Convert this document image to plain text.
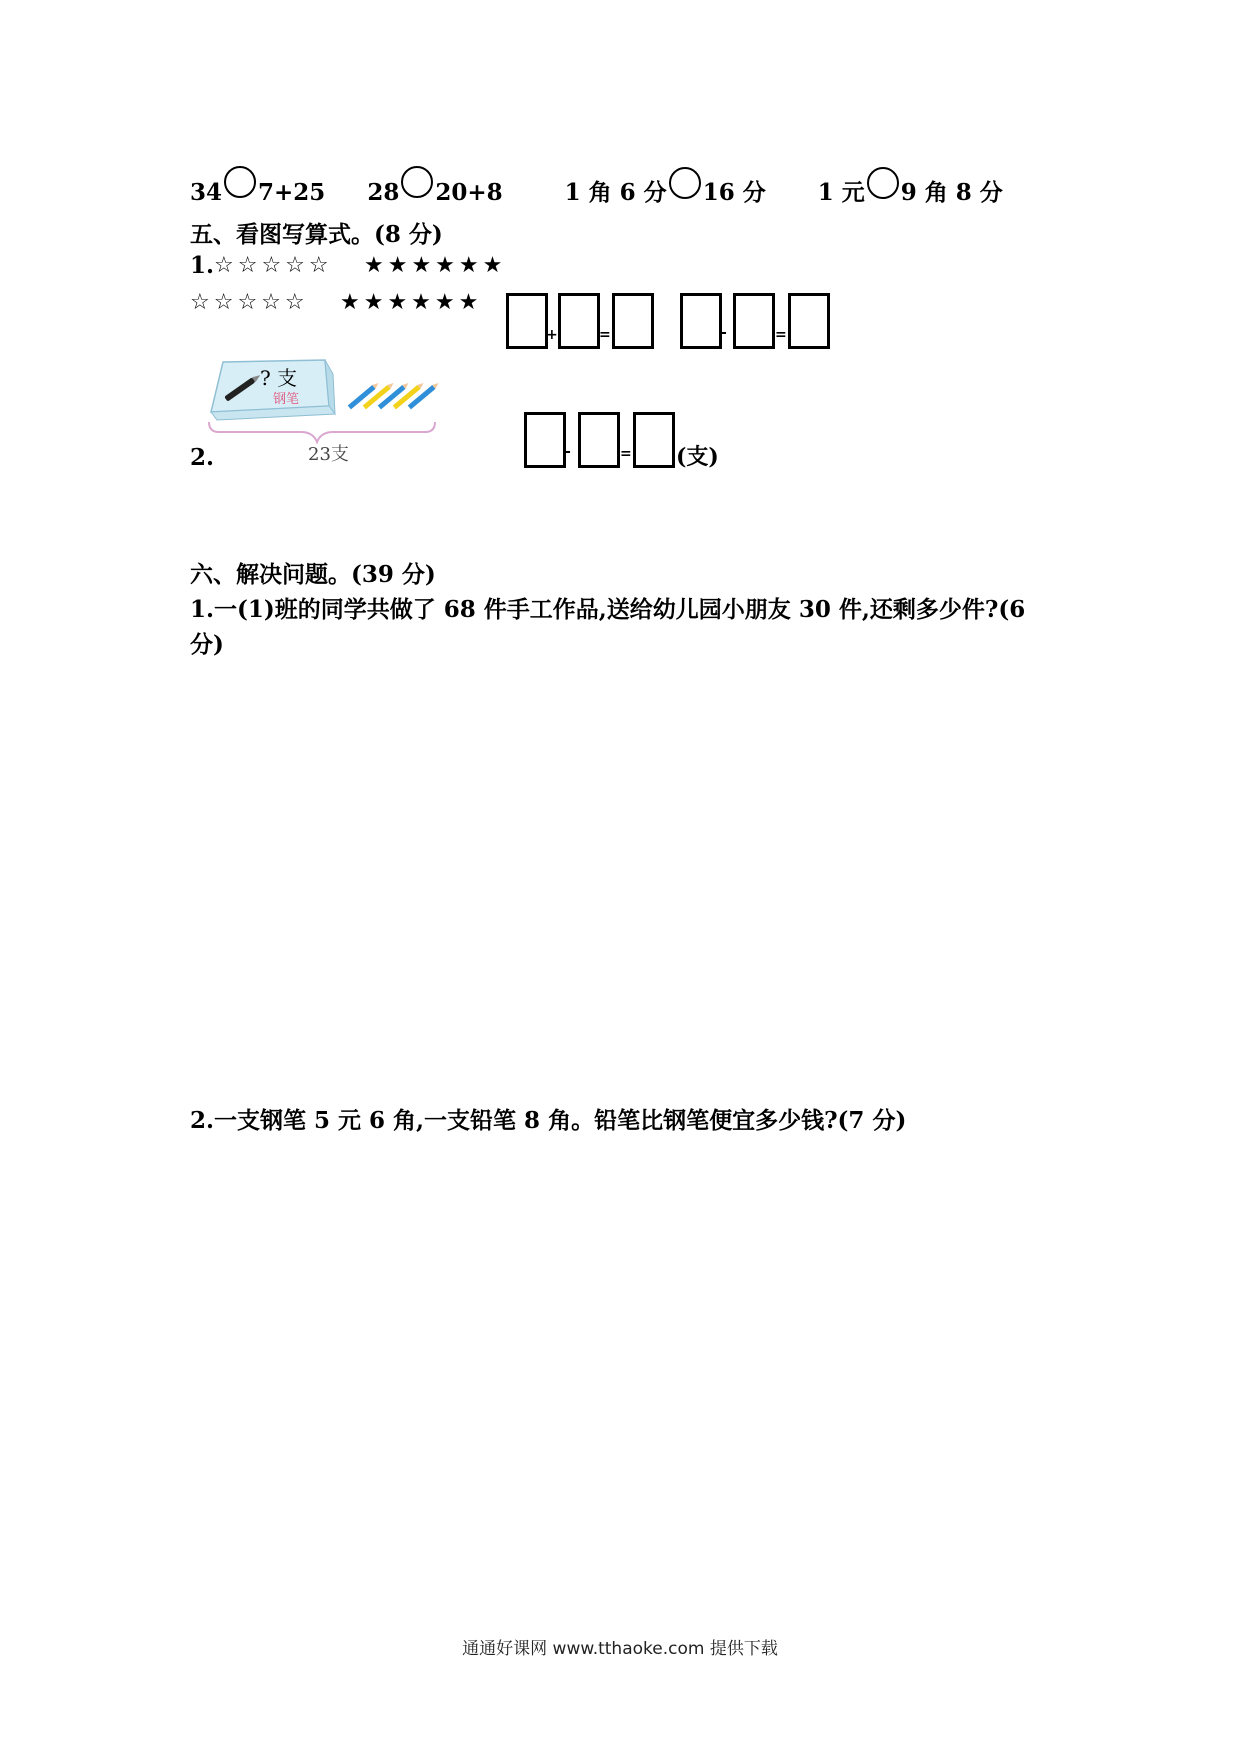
34 7+25
28 20+8
	1 角 6 分 16 分
1 元 9 角 8 分
五、看图写算式。(8 分)
1. ☆☆☆☆☆ ★★★★★★
☆☆☆☆☆ ★★★★★★
+	=	-	=
2.
? 支
钢笔
23支	-	= (支)
六、解决问题。(39 分)
1.一(1)班的同学共做了 68 件手工作品,送给幼儿园小朋友 30 件,还剩多少件?(6
分)
2.一支钢笔 5 元 6 角,一支铅笔 8 角。铅笔比钢笔便宜多少钱?(7 分)
通通好课网 www.tthaoke.com 提供下载
